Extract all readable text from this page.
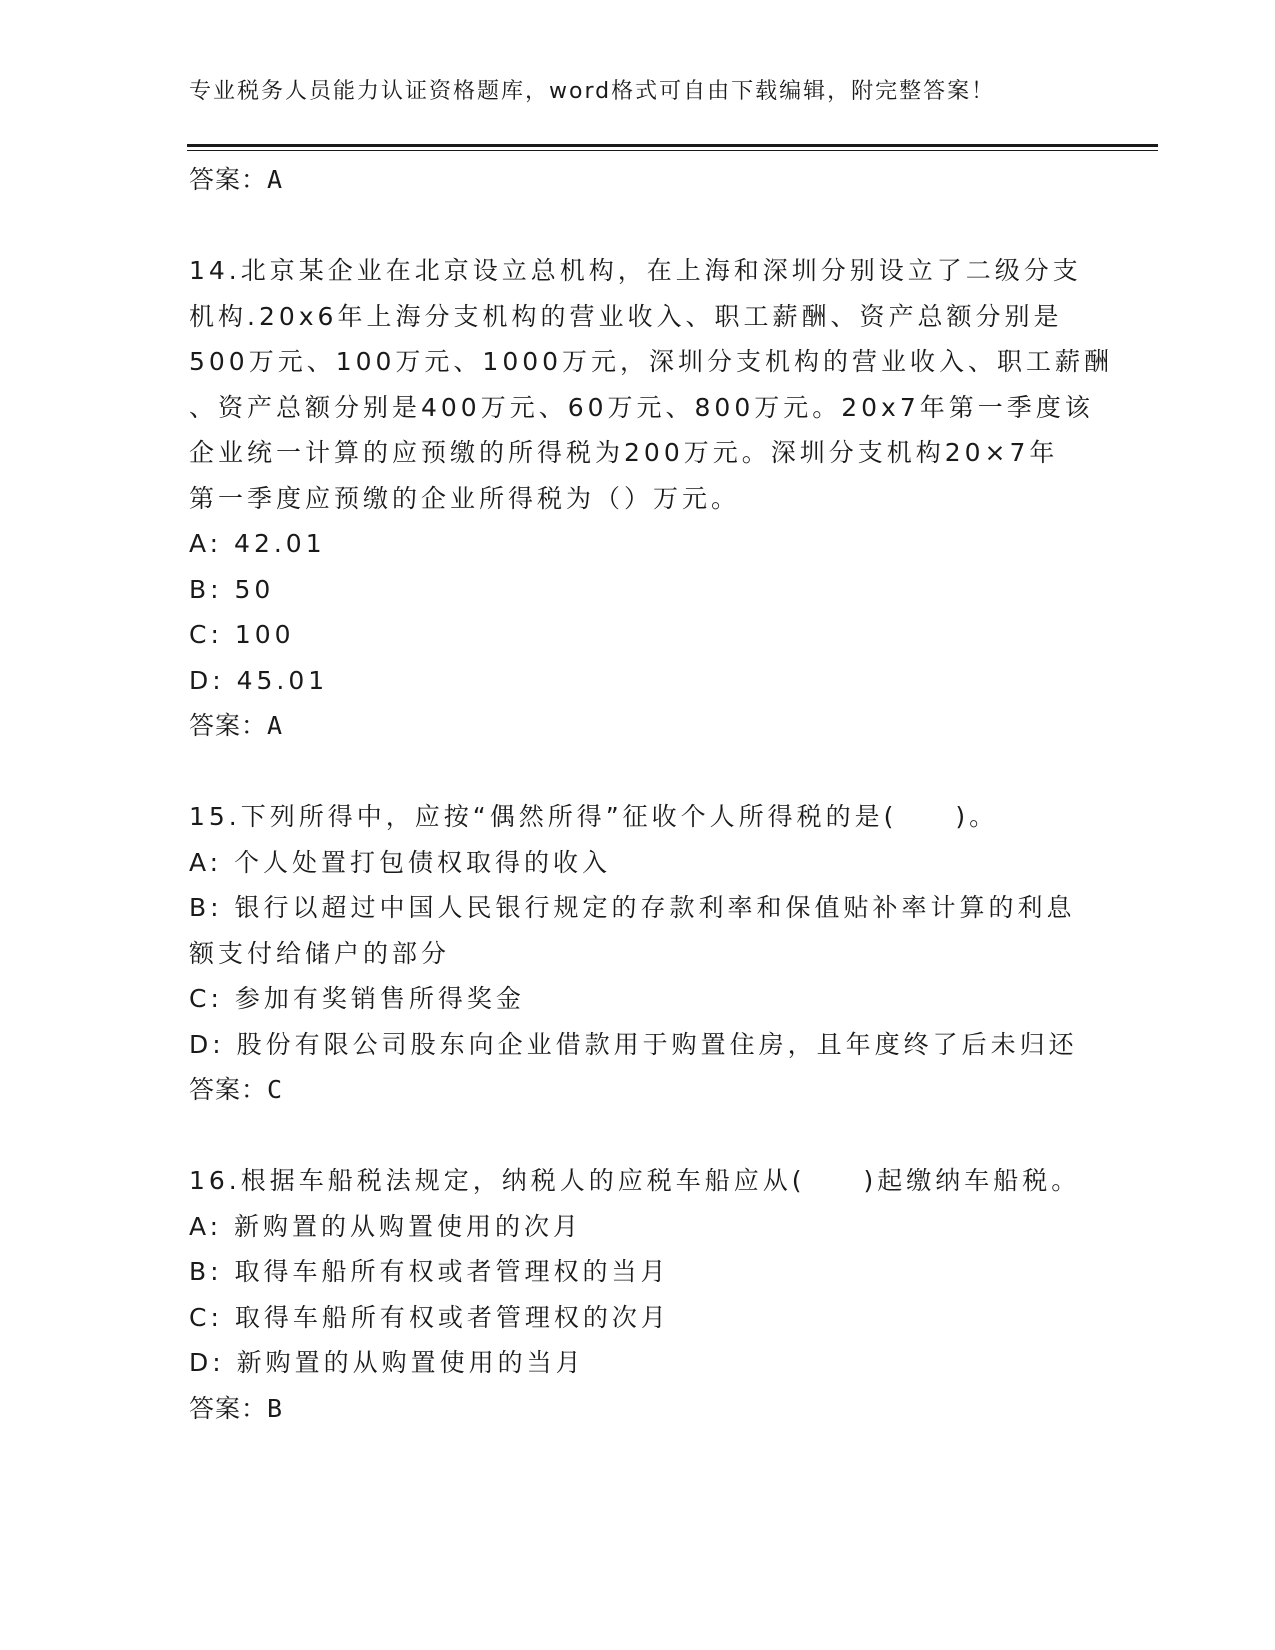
专业税务人员能力认证资格题库，word格式可自由下载编辑，附完整答案！
答案：A
14.北京某企业在北京设立总机构，在上海和深圳分别设立了二级分支
机构.20x6年上海分支机构的营业收入、职工薪酬、资产总额分别是
500万元、100万元、1000万元，深圳分支机构的营业收入、职工薪酬
、资产总额分别是400万元、60万元、800万元。20x7年第一季度该
企业统一计算的应预缴的所得税为200万元。深圳分支机构20×7年
第一季度应预缴的企业所得税为（）万元。
A: 42.01
B: 50
C: 100
D: 45.01
答案：A
15.下列所得中，应按“偶然所得”征收个人所得税的是(　　)。
A: 个人处置打包债权取得的收入
B: 银行以超过中国人民银行规定的存款利率和保值贴补率计算的利息
额支付给储户的部分
C: 参加有奖销售所得奖金
D: 股份有限公司股东向企业借款用于购置住房，且年度终了后未归还
答案：C
16.根据车船税法规定，纳税人的应税车船应从(　　)起缴纳车船税。
A: 新购置的从购置使用的次月
B: 取得车船所有权或者管理权的当月
C: 取得车船所有权或者管理权的次月
D: 新购置的从购置使用的当月
答案：B
